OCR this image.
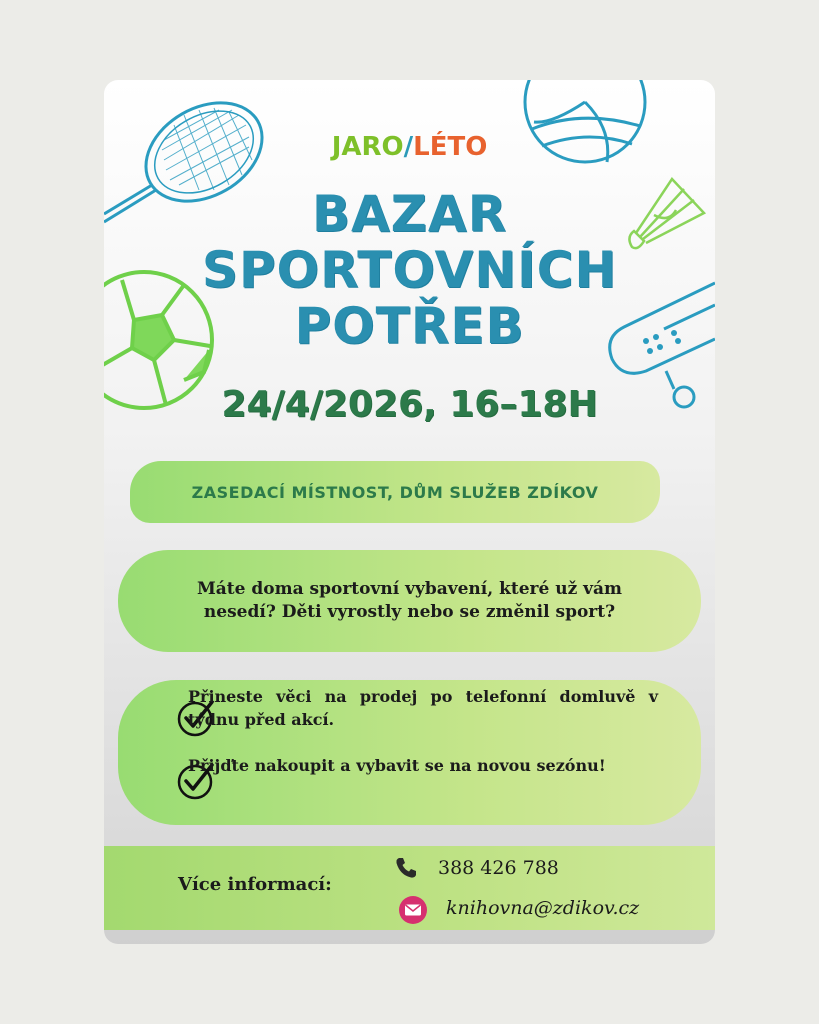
JARO/LÉTO
BAZAR
SPORTOVNÍCH
POTŘEB
24/4/2026, 16–18H
ZASEDACÍ MÍSTNOST, DŮM SLUŽEB ZDÍKOV

Máte doma sportovní vybavení, které už vám nesedí? Děti vyrostly nebo se změnil sport?

Přineste věci na prodej po telefonní domluvě v týdnu před akcí.
Přijďte nakoupit a vybavit se na novou sezónu!
Více informací:
388 426 788
knihovna@zdikov.cz
